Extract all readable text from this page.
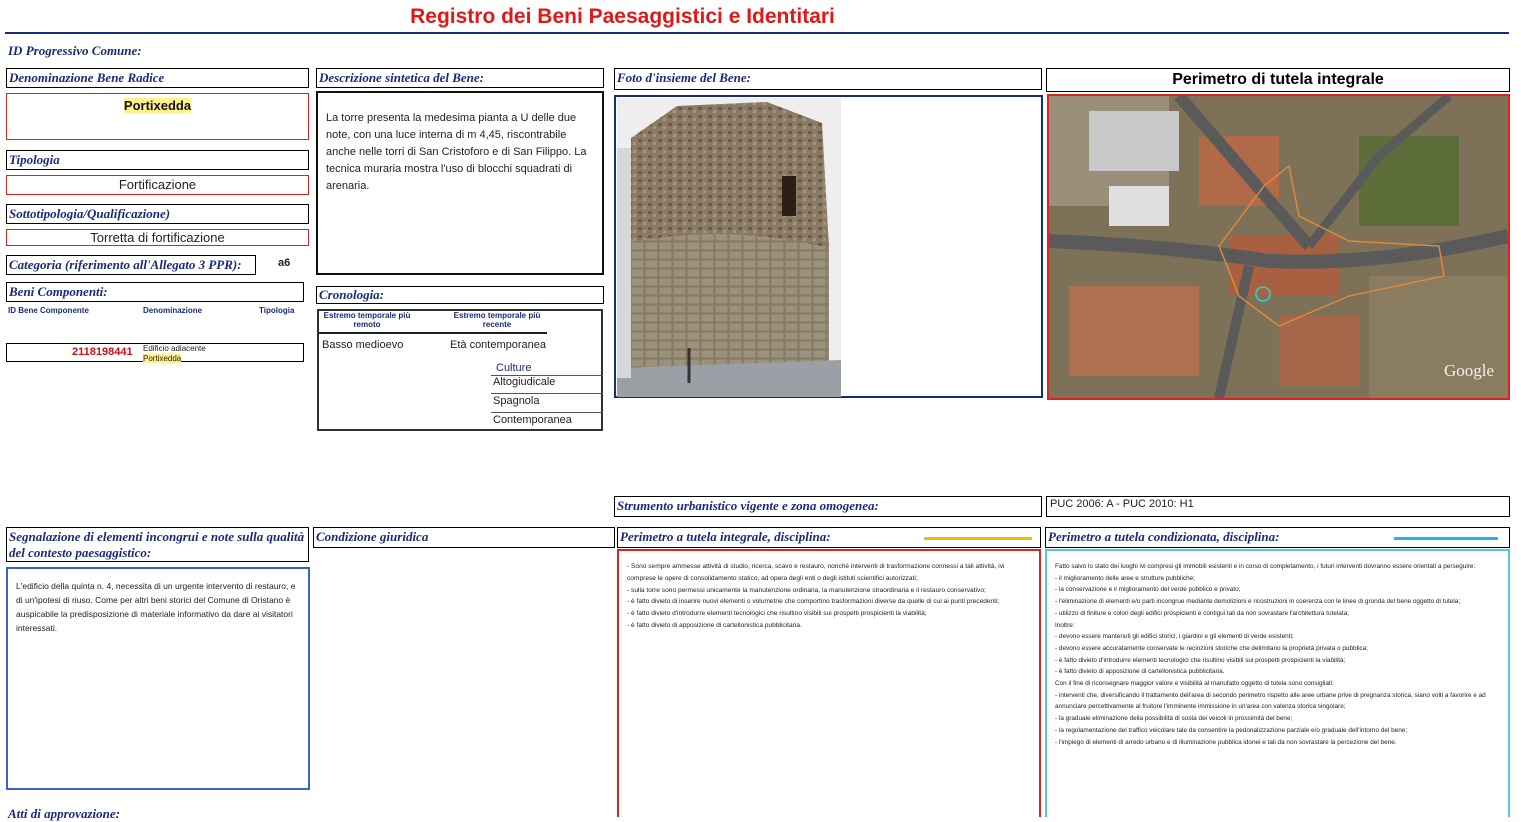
Registro dei Beni Paesaggistici e Identitari
ID Progressivo Comune:
Denominazione Bene Radice
Portixedda
Tipologia
Fortificazione
Sottotipologia/Qualificazione)
Torretta di fortificazione
Categoria (riferimento all'Allegato 3 PPR):	a6
Beni Componenti:
ID Bene Componente	Denominazione	Tipologia
2118198441 Edificio adiacente
Portixedda
Descrizione sintetica del Bene:
La torre presenta la medesima pianta a U delle due note, con una luce interna di m 4,45, riscontrabile anche nelle torri di San Cristoforo e di San Filippo. La tecnica muraria mostra l'uso di blocchi squadrati di arenaria.
Cronologia:
Estremo temporale più remoto
Estremo temporale più recente
Basso medioevo	Età contemporanea
Culture
Altogiudicale
Spagnola
Contemporanea
Foto d'insieme del Bene:	Perimetro di tutela integrale
Google
Strumento urbanistico vigente e zona omogenea:	PUC 2006: A - PUC 2010: H1
Segnalazione di elementi incongrui e note sulla qualità del contesto paesaggistico:
L'edificio della quinta n. 4, necessita di un urgente intervento di restauro, e di un'ipotesi di riuso. Come per altri beni storici del Comune di Oristano è auspicabile la predisposizione di materiale informativo da dare ai visitatori interessati.
Condizione giuridica	Perimetro a tutela integrale, disciplina:

- Sono sempre ammesse attività di studio, ricerca, scavo e restauro, nonché interventi di trasformazione connessi a tali attività, ivi comprese le opere di consolidamento statico, ad opera degli enti o degli istituti scientifici autorizzati;

- sulla torre sono permessi unicamente la manutenzione ordinaria, la manutenzione straordinaria e il restauro conservativo;

- è fatto divieto di inserire nuovi elementi o volumetrie che comportino trasformazioni diverse da quelle di cui ai punti precedenti;

- è fatto divieto d'introdurre elementi tecnologici che risultino visibili sui prospetti prospicienti la viabilità;

- è fatto divieto di apposizione di cartellonistica pubblicitaria.

Perimetro a tutela condizionata, disciplina:

Fatto salvo lo stato dei luoghi ivi compresi gli immobili esistenti e in corso di completamento, i futuri interventi dovranno essere orientati a perseguire:

- il miglioramento delle aree e strutture pubbliche;

- la conservazione e il miglioramento del verde pubblico e privato;

- l'eliminazione di elementi e/o parti incongrue mediante demolizioni e ricostruzioni in coerenza con le linee di gronda del bene oggetto di tutela;

- utilizzo di finiture e colori degli edifici prospicienti e contigui tali da non sovrastare l'architettura tutelata;

Inoltre:

- devono essere mantenuti gli edifici storici, i giardini e gli elementi di verde esistenti;

- devono essere accuratamente conservate le recinzioni storiche che delimitano la proprietà privata o pubblica;

- è fatto divieto d'introdurre elementi tecnologici che risultino visibili sui prospetti prospicienti la viabilità;

- è fatto divieto di apposizione di cartellonistica pubblicitaria.

Con il fine di riconsegnare maggior valore e visibilità al manufatto oggetto di tutela sono consigliati:

- interventi che, diversificando il trattamento dell'area di secondo perimetro rispetto alle aree urbane prive di pregnanza storica, siano volti a favorire e ad annunciare percettivamente al fruitore l'imminente immissione in un'area con valenza storica singolare;

- la graduale eliminazione della possibilità di sosta dei veicoli in prossimità del bene;

- la regolamentazione del traffico veicolare tale da consentire la pedonalizzazione parziale e/o graduale dell'intorno del bene;

- l'impiego di elementi di arredo urbano e di illuminazione pubblica idonei e tali da non sovrastare la percezione del bene.

Atti di approvazione:
